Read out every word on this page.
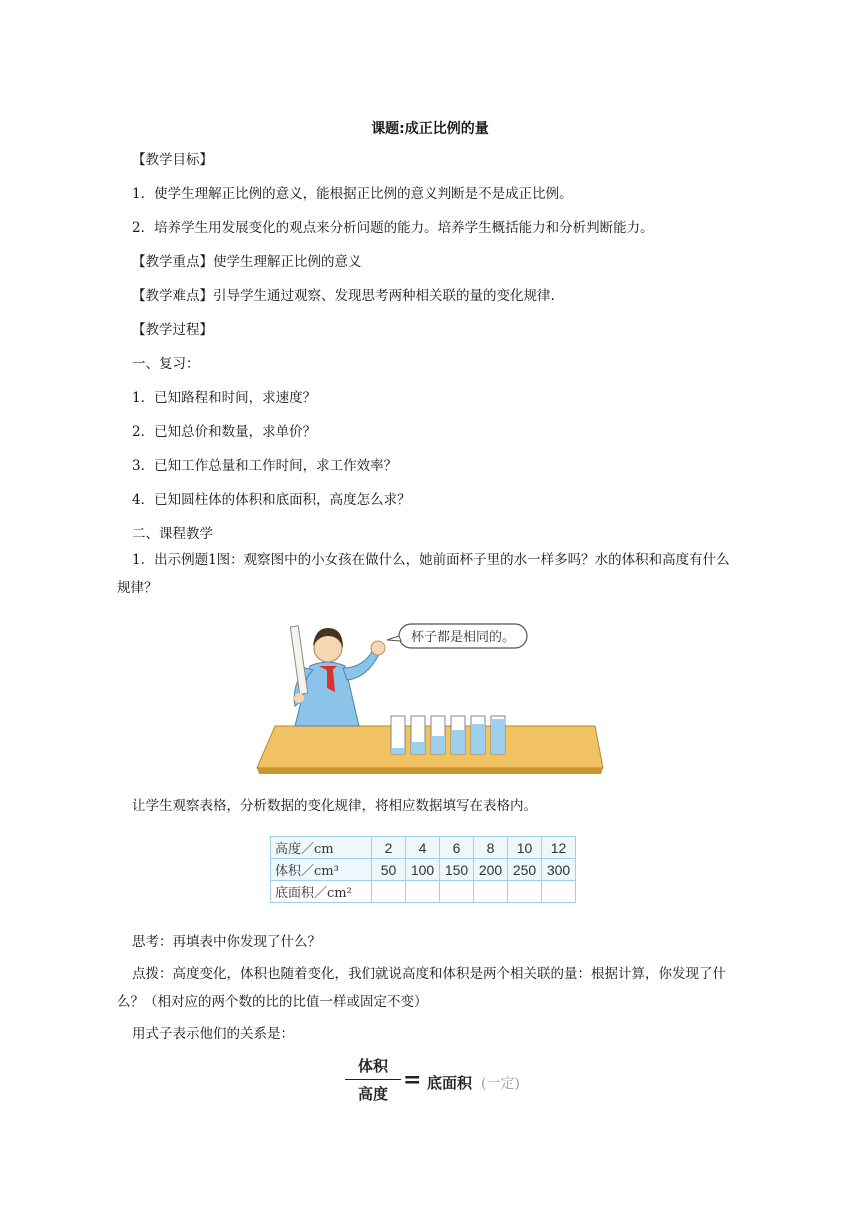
课题:成正比例的量
【教学目标】
1．使学生理解正比例的意义，能根据正比例的意义判断是不是成正比例。
2．培养学生用发展变化的观点来分析问题的能力。培养学生概括能力和分析判断能力。
【教学重点】使学生理解正比例的意义
【教学难点】引导学生通过观察、发现思考两种相关联的量的变化规律.
【教学过程】
一、复习：
1．已知路程和时间，求速度？
2．已知总价和数量，求单价？
3．已知工作总量和工作时间，求工作效率？
4．已知圆柱体的体积和底面积，高度怎么求？
二、课程教学
1．出示例题1图：观察图中的小女孩在做什么，她前面杯子里的水一样多吗？水的体积和高度有什么规律？
杯子都是相同的。
让学生观察表格，分析数据的变化规律，将相应数据填写在表格内。
高度／cm	2	4	6	8	10	12
体积／cm³	50	100	150	200	250	300
底面积／cm²						
思考：再填表中你发现了什么？
点拨：高度变化，体积也随着变化，我们就说高度和体积是两个相关联的量：根据计算，你发现了什么？（相对应的两个数的比的比值一样或固定不变）
用式子表示他们的关系是：
体积
高度
= 底面积 (一定)
